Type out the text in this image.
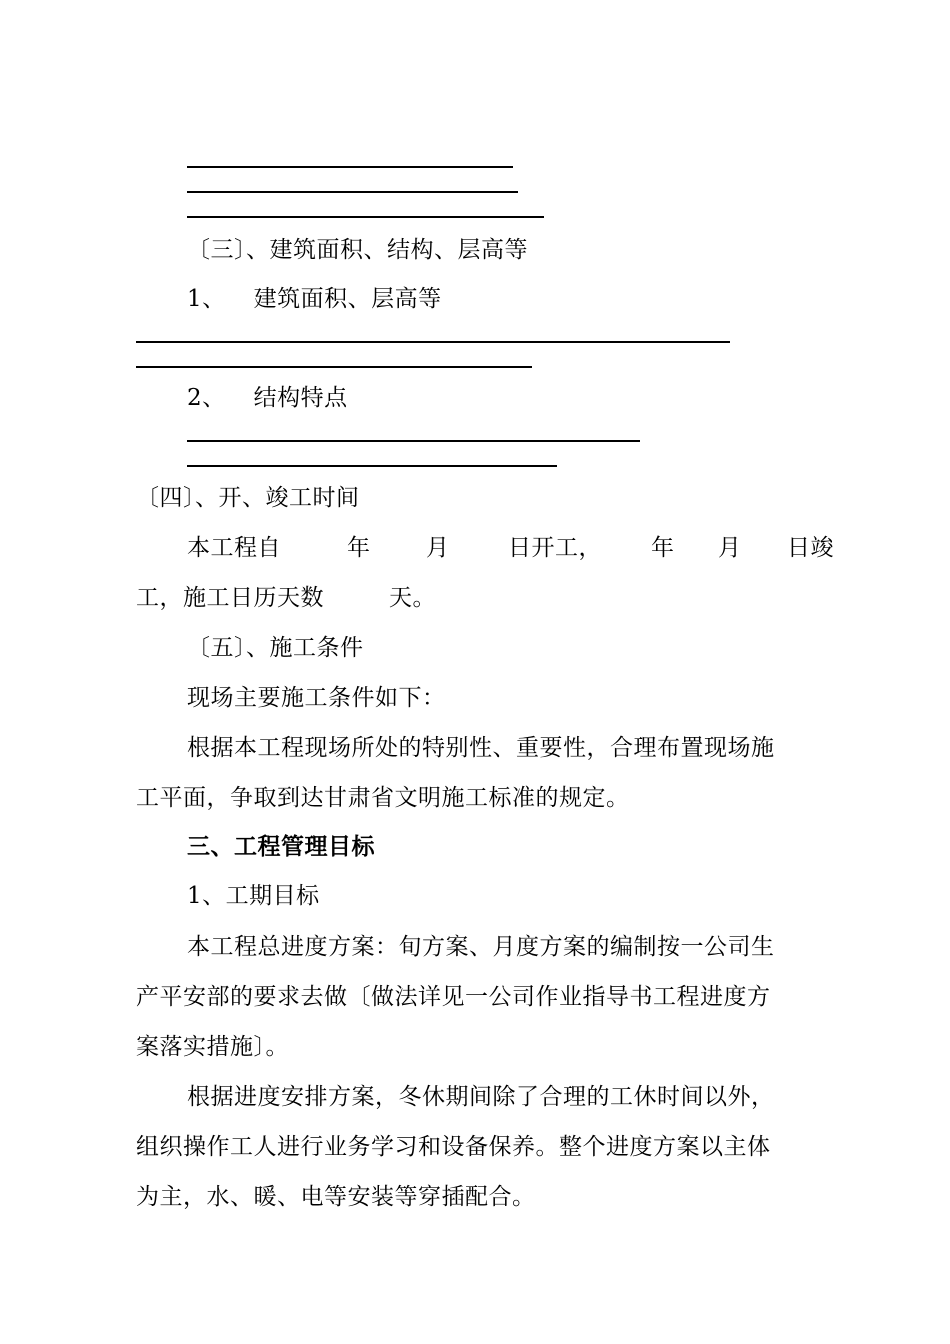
〔三〕、建筑面积、结构、层高等
1、 建筑面积、层高等
2、 结构特点
〔四〕、开、竣工时间
本工程自	年 月	日开工， 年 月 日竣
工，施工日历天数	天。
〔五〕、施工条件
现场主要施工条件如下：
根据本工程现场所处的特别性、重要性，合理布置现场施
工平面，争取到达甘肃省文明施工标准的规定。
三、工程管理目标
1、工期目标
本工程总进度方案：旬方案、月度方案的编制按一公司生
产平安部的要求去做〔做法详见一公司作业指导书工程进度方
案落实措施〕。
根据进度安排方案，冬休期间除了合理的工休时间以外，
组织操作工人进行业务学习和设备保养。整个进度方案以主体
为主，水、暖、电等安装等穿插配合。
